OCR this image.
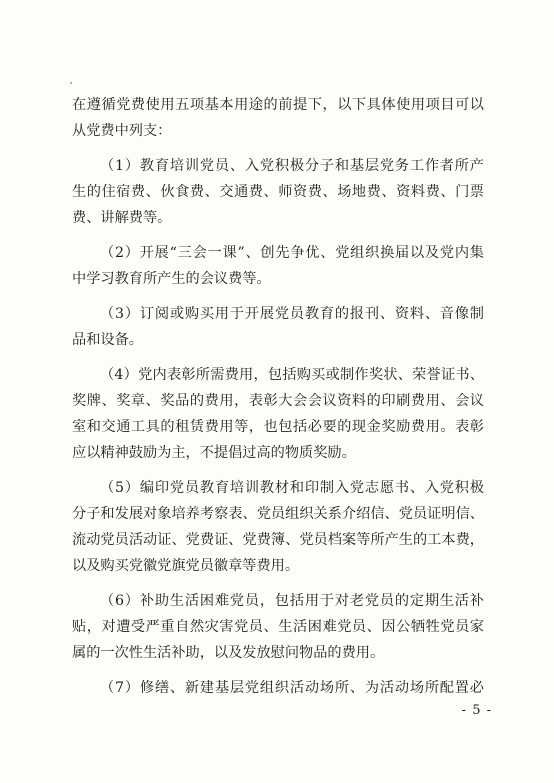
在遵循党费使用五项基本用途的前提下，以下具体使用项目可以
从党费中列支：
（1）教育培训党员、入党积极分子和基层党务工作者所产
生的住宿费、伙食费、交通费、师资费、场地费、资料费、门票
费、讲解费等。
（2）开展“三会一课”、创先争优、党组织换届以及党内集
中学习教育所产生的会议费等。
（3）订阅或购买用于开展党员教育的报刊、资料、音像制
品和设备。
（4）党内表彰所需费用，包括购买或制作奖状、荣誉证书、
奖牌、奖章、奖品的费用，表彰大会会议资料的印刷费用、会议
室和交通工具的租赁费用等，也包括必要的现金奖励费用。表彰
应以精神鼓励为主，不提倡过高的物质奖励。
（5）编印党员教育培训教材和印制入党志愿书、入党积极
分子和发展对象培养考察表、党员组织关系介绍信、党员证明信、
流动党员活动证、党费证、党费簿、党员档案等所产生的工本费，
以及购买党徽党旗党员徽章等费用。
（6）补助生活困难党员，包括用于对老党员的定期生活补
贴，对遭受严重自然灾害党员、生活困难党员、因公牺牲党员家
属的一次性生活补助，以及发放慰问物品的费用。
（7）修缮、新建基层党组织活动场所、为活动场所配置必
- 5 -
